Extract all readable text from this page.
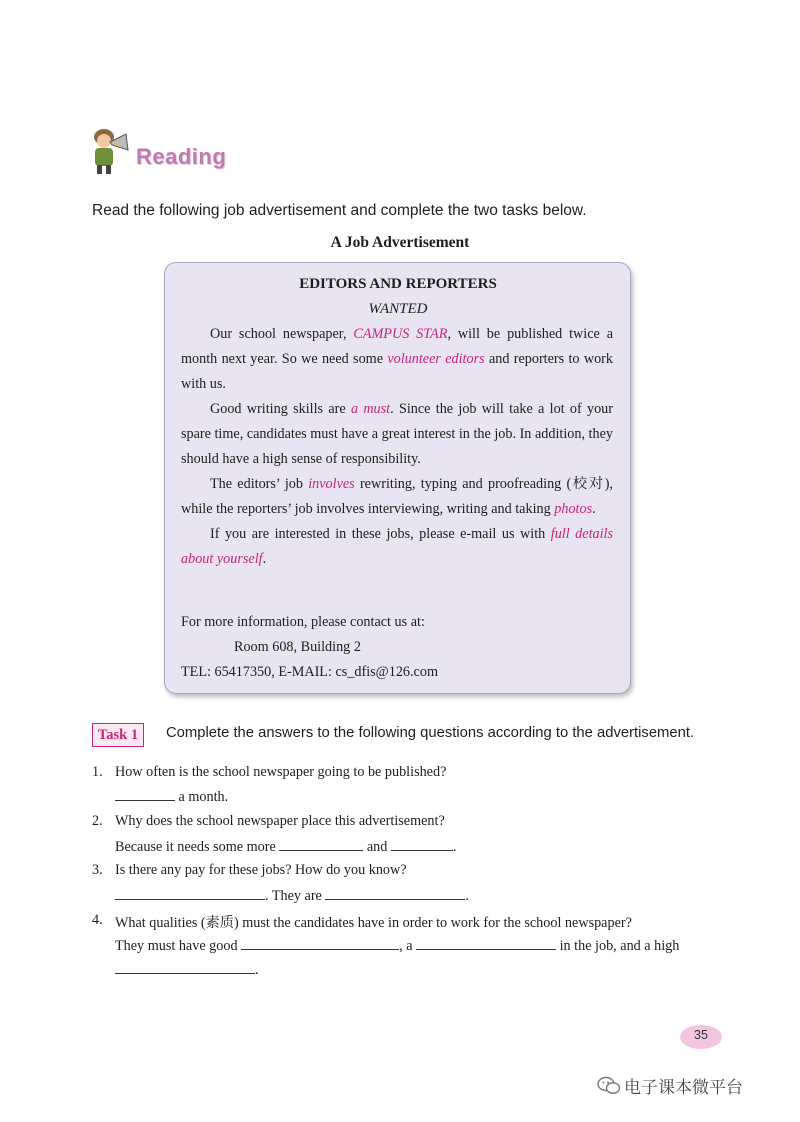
Reading
Read the following job advertisement and complete the two tasks below.
A Job Advertisement
EDITORS AND REPORTERS
WANTED

Our school newspaper, CAMPUS STAR, will be published twice a month next year. So we need some volunteer editors and reporters to work with us.

Good writing skills are a must. Since the job will take a lot of your spare time, candidates must have a great interest in the job. In addition, they should have a high sense of responsibility.

The editors’ job involves rewriting, typing and proofreading (校对), while the reporters’ job involves interviewing, writing and taking photos.

If you are interested in these jobs, please e-mail us with full details about yourself.

For more information, please contact us at:
Room 608, Building 2
TEL: 65417350, E-MAIL: cs_dfis@126.com
Task 1	Complete the answers to the following questions according to the advertisement.
1. How often is the school newspaper going to be published?
a month.
2. Why does the school newspaper place this advertisement?
Because it needs some more	and	.
3. Is there any pay for these jobs? How do you know?
. They are	.
4. What qualities (素质) must the candidates have in order to work for the school newspaper?
They must have good	, a	in the job, and a high
.
35
电子课本微平台
